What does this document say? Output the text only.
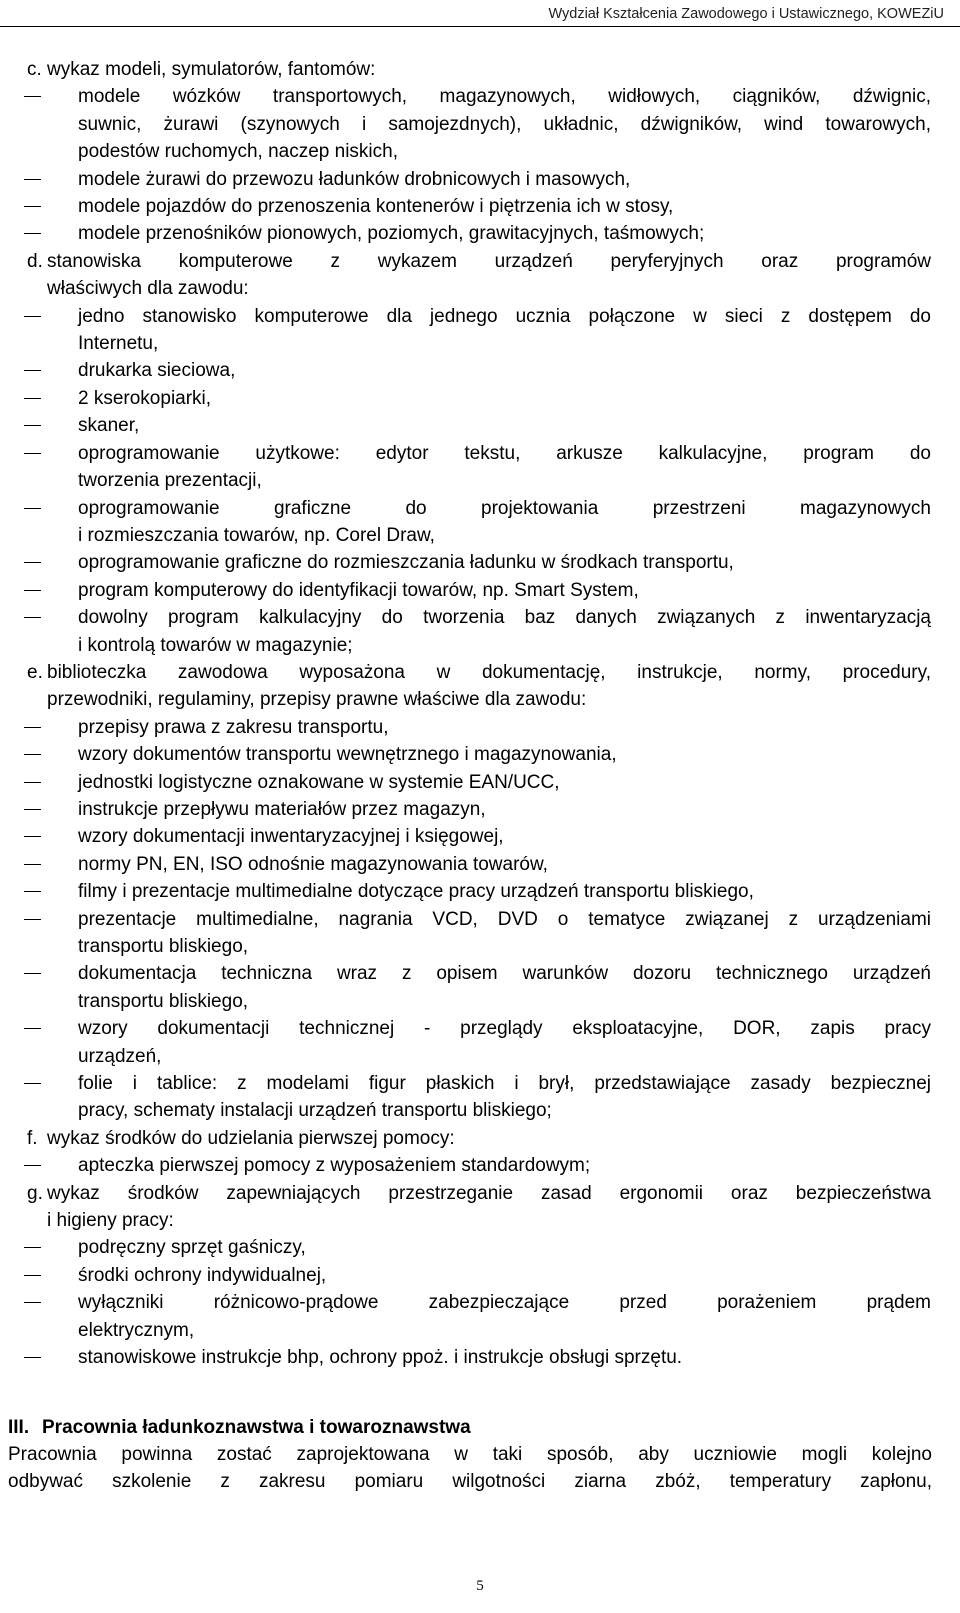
Wydział Kształcenia Zawodowego i Ustawicznego, KOWEZiU
c. wykaz modeli, symulatorów, fantomów:
modele wózków transportowych, magazynowych, widłowych, ciągników, dźwignic,
suwnic, żurawi (szynowych i samojezdnych), układnic, dźwigników, wind towarowych,
podestów ruchomych, naczep niskich,
modele żurawi do przewozu ładunków drobnicowych i masowych,
modele pojazdów do przenoszenia kontenerów i piętrzenia ich w stosy,
modele przenośników pionowych, poziomych, grawitacyjnych, taśmowych;
d. stanowiska komputerowe z wykazem urządzeń peryferyjnych oraz programów
właściwych dla zawodu:
jedno stanowisko komputerowe dla jednego ucznia połączone w sieci z dostępem do
Internetu,
drukarka sieciowa,
2 kserokopiarki,
skaner,
oprogramowanie użytkowe: edytor tekstu, arkusze kalkulacyjne, program do
tworzenia prezentacji,
oprogramowanie graficzne do projektowania przestrzeni magazynowych
i rozmieszczania towarów, np. Corel Draw,
oprogramowanie graficzne do rozmieszczania ładunku w środkach transportu,
program komputerowy do identyfikacji towarów, np. Smart System,
dowolny program kalkulacyjny do tworzenia baz danych związanych z inwentaryzacją
i kontrolą towarów w magazynie;
e. biblioteczka zawodowa wyposażona w dokumentację, instrukcje, normy, procedury,
przewodniki, regulaminy, przepisy prawne właściwe dla zawodu:
przepisy prawa z zakresu transportu,
wzory dokumentów transportu wewnętrznego i magazynowania,
jednostki logistyczne oznakowane w systemie EAN/UCC,
instrukcje przepływu materiałów przez magazyn,
wzory dokumentacji inwentaryzacyjnej i księgowej,
normy PN, EN, ISO odnośnie magazynowania towarów,
filmy i prezentacje multimedialne dotyczące pracy urządzeń transportu bliskiego,
prezentacje multimedialne, nagrania VCD, DVD o tematyce związanej z urządzeniami
transportu bliskiego,
dokumentacja techniczna wraz z opisem warunków dozoru technicznego urządzeń
transportu bliskiego,
wzory dokumentacji technicznej - przeglądy eksploatacyjne, DOR, zapis pracy
urządzeń,
folie i tablice: z modelami figur płaskich i brył, przedstawiające zasady bezpiecznej
pracy, schematy instalacji urządzeń transportu bliskiego;
f. wykaz środków do udzielania pierwszej pomocy:
apteczka pierwszej pomocy z wyposażeniem standardowym;
g. wykaz środków zapewniających przestrzeganie zasad ergonomii oraz bezpieczeństwa
i higieny pracy:
podręczny sprzęt gaśniczy,
środki ochrony indywidualnej,
wyłączniki różnicowo-prądowe zabezpieczające przed porażeniem prądem
elektrycznym,
stanowiskowe instrukcje bhp, ochrony ppoż. i instrukcje obsługi sprzętu.
III. Pracownia ładunkoznawstwa i towaroznawstwa
Pracownia powinna zostać zaprojektowana w taki sposób, aby uczniowie mogli kolejno
odbywać szkolenie z zakresu pomiaru wilgotności ziarna zbóż, temperatury zapłonu,
5
